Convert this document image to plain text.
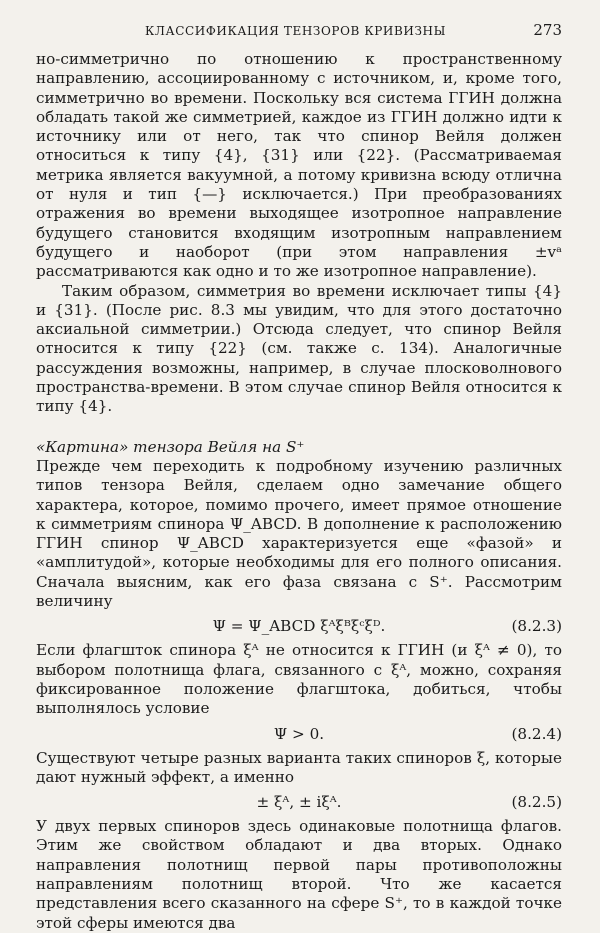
КЛАССИФИКАЦИЯ ТЕНЗОРОВ КРИВИЗНЫ	273

но-симметрично по отношению к пространственному направлению, ассоциированному с источником, и, кроме того, симметрично во времени. Поскольку вся система ГГИН должна обладать такой же симметрией, каждое из ГГИН должно идти к источнику или от него, так что спинор Вейля должен относиться к типу {4}, {31} или {22}. (Рассматриваемая метрика является вакуумной, а потому кривизна всюду отлична от нуля и тип {—} исключается.) При преобразованиях отражения во времени выходящее изотропное направление будущего становится входящим изотропным направлением будущего и наоборот (при этом направления ±vᵃ рассматриваются как одно и то же изотропное направление).

Таким образом, симметрия во времени исключает типы {4} и {31}. (После рис. 8.3 мы увидим, что для этого достаточно аксиальной симметрии.) Отсюда следует, что спинор Вейля относится к типу {22} (см. также с. 134). Аналогичные рассуждения возможны, например, в случае плосковолнового пространства-времени. В этом случае спинор Вейля относится к типу {4}.

«Картина» тензора Вейля на S⁺

Прежде чем переходить к подробному изучению различных типов тензора Вейля, сделаем одно замечание общего характера, которое, помимо прочего, имеет прямое отношение к симметриям спинора Ψ_ABCD. В дополнение к расположению ГГИН спинор Ψ_ABCD характеризуется еще «фазой» и «амплитудой», которые необходимы для его полного описания. Сначала выясним, как его фаза связана с S⁺. Рассмотрим величину

Ψ = Ψ_ABCD ξᴬξᴮξᶜξᴰ.	(8.2.3)

Если флагшток спинора ξᴬ не относится к ГГИН (и ξᴬ ≠ 0), то выбором полотнища флага, связанного с ξᴬ, можно, сохраняя фиксированное положение флагштока, добиться, чтобы выполнялось условие

Ψ > 0.	(8.2.4)

Существуют четыре разных варианта таких спиноров ξ, которые дают нужный эффект, а именно

± ξᴬ, ± iξᴬ.	(8.2.5)

У двух первых спиноров здесь одинаковые полотнища флагов. Этим же свойством обладают и два вторых. Однако направления полотнищ первой пары противоположны направлениям полотнищ второй. Что же касается представления всего сказанного на сфере S⁺, то в каждой точке этой сферы имеются два
